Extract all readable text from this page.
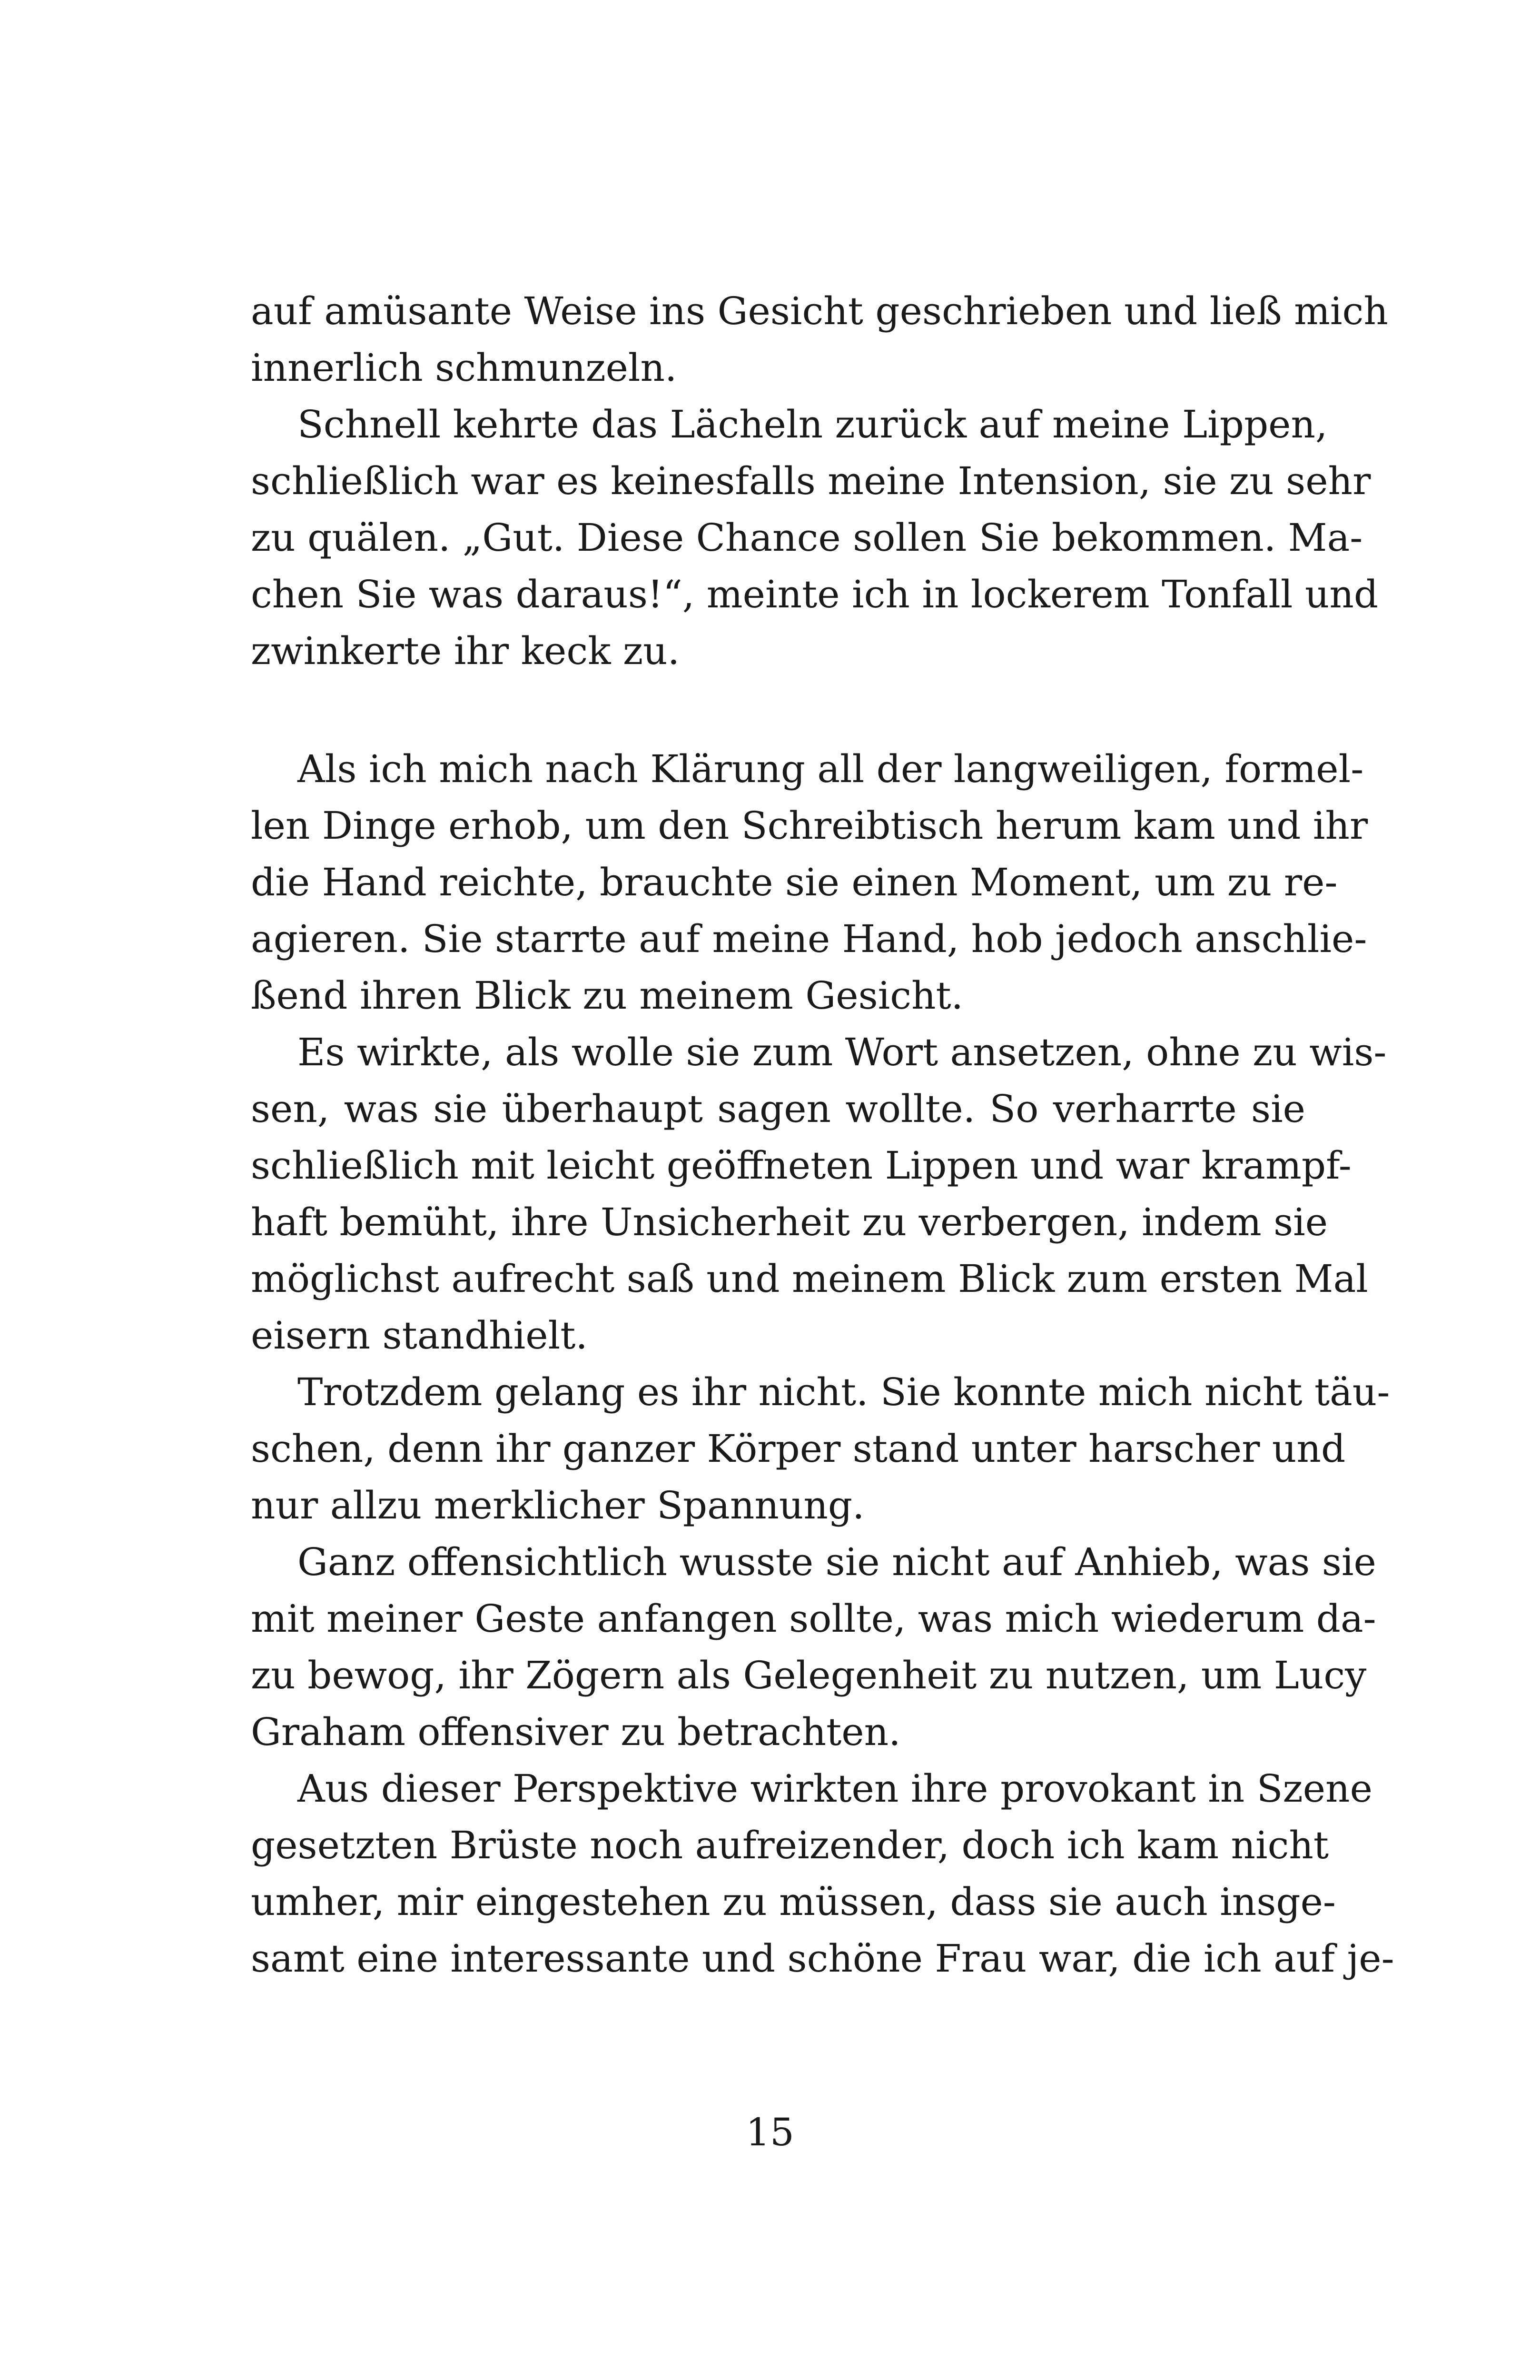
auf amüsante Weise ins Gesicht geschrieben und ließ mich
innerlich schmunzeln.
Schnell kehrte das Lächeln zurück auf meine Lippen,
schließlich war es keinesfalls meine Intension, sie zu sehr
zu quälen. „Gut. Diese Chance sollen Sie bekommen. Ma-
chen Sie was daraus!“, meinte ich in lockerem Tonfall und
zwinkerte ihr keck zu.
Als ich mich nach Klärung all der langweiligen, formel-
len Dinge erhob, um den Schreibtisch herum kam und ihr
die Hand reichte, brauchte sie einen Moment, um zu re-
agieren. Sie starrte auf meine Hand, hob jedoch anschlie-
ßend ihren Blick zu meinem Gesicht.
Es wirkte, als wolle sie zum Wort ansetzen, ohne zu wis-
sen, was sie überhaupt sagen wollte. So verharrte sie
schließlich mit leicht geöffneten Lippen und war krampf-
haft bemüht, ihre Unsicherheit zu verbergen, indem sie
möglichst aufrecht saß und meinem Blick zum ersten Mal
eisern standhielt.
Trotzdem gelang es ihr nicht. Sie konnte mich nicht täu-
schen, denn ihr ganzer Körper stand unter harscher und
nur allzu merklicher Spannung.
Ganz offensichtlich wusste sie nicht auf Anhieb, was sie
mit meiner Geste anfangen sollte, was mich wiederum da-
zu bewog, ihr Zögern als Gelegenheit zu nutzen, um Lucy
Graham offensiver zu betrachten.
Aus dieser Perspektive wirkten ihre provokant in Szene
gesetzten Brüste noch aufreizender, doch ich kam nicht
umher, mir eingestehen zu müssen, dass sie auch insge-
samt eine interessante und schöne Frau war, die ich auf je-
15
